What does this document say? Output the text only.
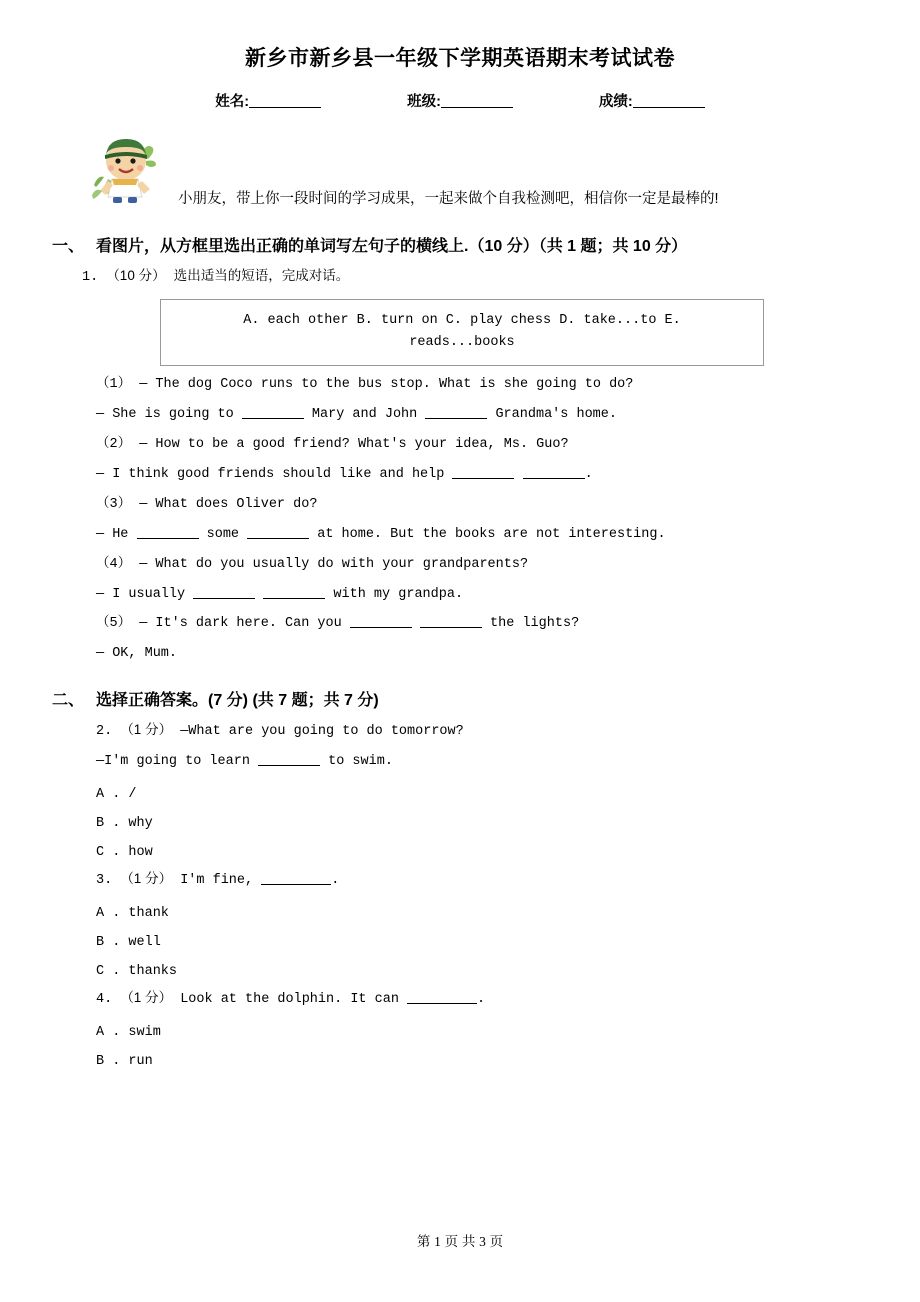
新乡市新乡县一年级下学期英语期末考试试卷
姓名:	班级:	成绩:
小朋友，带上你一段时间的学习成果，一起来做个自我检测吧，相信你一定是最棒的!
一、 看图片，从方框里选出正确的单词写左句子的横线上.（10 分）（共 1 题；共 10 分）
1. （10 分） 选出适当的短语，完成对话。
A. each other B. turn on C. play chess D. take...to E.
reads...books
（1） — The dog Coco runs to the bus stop. What is she going to do?
— She is going to	Mary and John	Grandma's home.
（2） — How to be a good friend? What's your idea, Ms. Guo?
— I think good friends should like and help	.
（3） — What does Oliver do?
— He	some	at home. But the books are not interesting.
（4） — What do you usually do with your grandparents?
— I usually	with my grandpa.
（5） — It's dark here. Can you	the lights?
— OK, Mum.
二、 选择正确答案。(7 分) (共 7 题；共 7 分)
2. （1 分） —What are you going to do tomorrow?
—I'm going to learn	to swim.
A . /
B . why
C . how
3. （1 分） I'm fine,	.
A . thank
B . well
C . thanks
4. （1 分） Look at the dolphin. It can	.
A . swim
B . run
第 1 页 共 3 页
